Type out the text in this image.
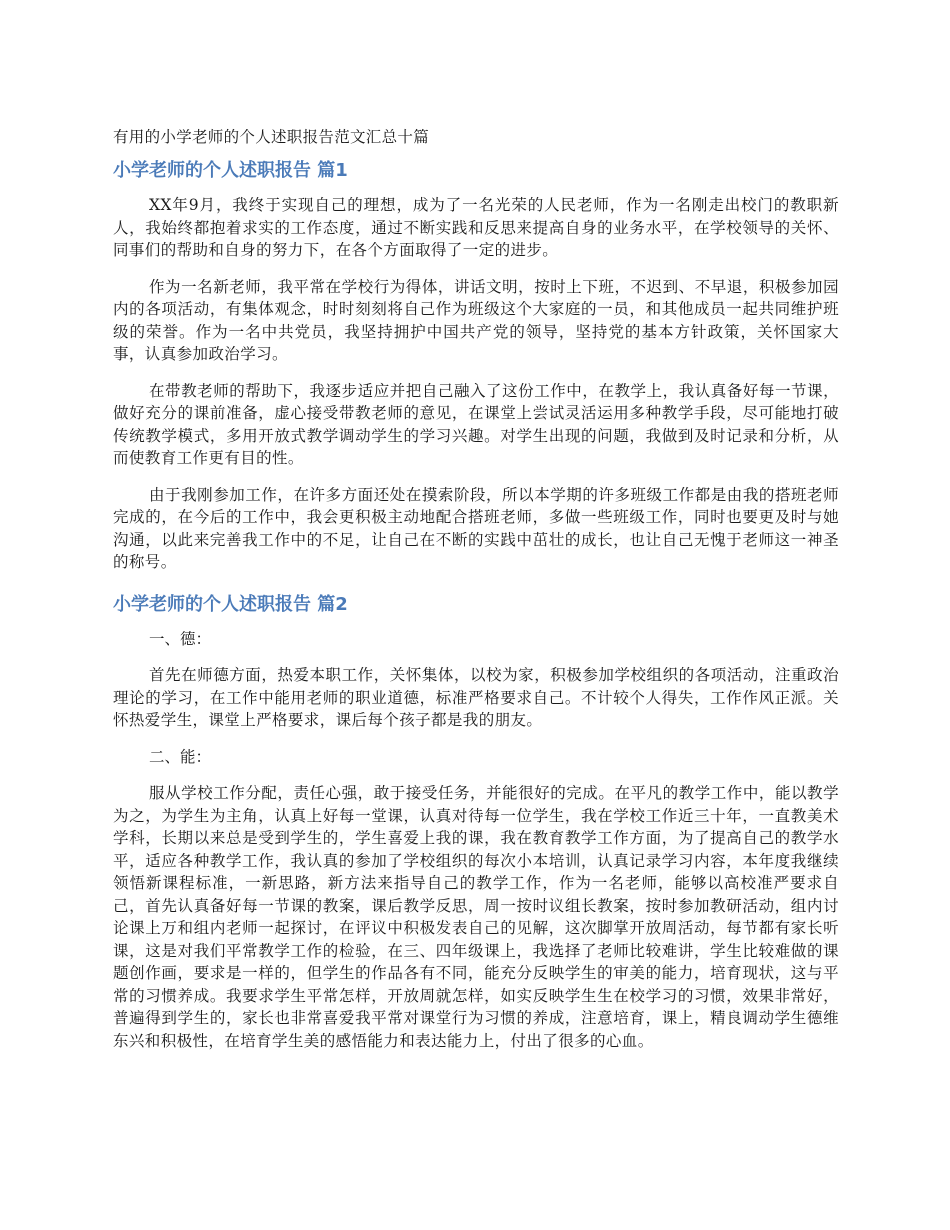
有用的小学老师的个人述职报告范文汇总十篇

小学老师的个人述职报告 篇1

XX年9月，我终于实现自己的理想，成为了一名光荣的人民老师，作为一名刚走出校门的教职新人，我始终都抱着求实的工作态度，通过不断实践和反思来提高自身的业务水平，在学校领导的关怀、同事们的帮助和自身的努力下，在各个方面取得了一定的进步。

作为一名新老师，我平常在学校行为得体，讲话文明，按时上下班，不迟到、不早退，积极参加园内的各项活动，有集体观念，时时刻刻将自己作为班级这个大家庭的一员，和其他成员一起共同维护班级的荣誉。作为一名中共党员，我坚持拥护中国共产党的领导，坚持党的基本方针政策，关怀国家大事，认真参加政治学习。

在带教老师的帮助下，我逐步适应并把自己融入了这份工作中，在教学上，我认真备好每一节课，做好充分的课前准备，虚心接受带教老师的意见，在课堂上尝试灵活运用多种教学手段，尽可能地打破传统教学模式，多用开放式教学调动学生的学习兴趣。对学生出现的问题，我做到及时记录和分析，从而使教育工作更有目的性。

由于我刚参加工作，在许多方面还处在摸索阶段，所以本学期的许多班级工作都是由我的搭班老师完成的，在今后的工作中，我会更积极主动地配合搭班老师，多做一些班级工作，同时也要更及时与她沟通，以此来完善我工作中的不足，让自己在不断的实践中茁壮的成长，也让自己无愧于老师这一神圣的称号。

小学老师的个人述职报告 篇2

一、德：

首先在师德方面，热爱本职工作，关怀集体，以校为家，积极参加学校组织的各项活动，注重政治理论的学习，在工作中能用老师的职业道德，标准严格要求自己。不计较个人得失，工作作风正派。关怀热爱学生，课堂上严格要求，课后每个孩子都是我的朋友。

二、能：

服从学校工作分配，责任心强，敢于接受任务，并能很好的完成。在平凡的教学工作中，能以教学为之，为学生为主角，认真上好每一堂课，认真对待每一位学生，我在学校工作近三十年，一直教美术学科，长期以来总是受到学生的，学生喜爱上我的课，我在教育教学工作方面，为了提高自己的教学水平，适应各种教学工作，我认真的参加了学校组织的每次小本培训，认真记录学习内容，本年度我继续领悟新课程标准，一新思路，新方法来指导自己的教学工作，作为一名老师，能够以高校准严要求自己，首先认真备好每一节课的教案，课后教学反思，周一按时议组长教案，按时参加教研活动，组内讨论课上万和组内老师一起探讨，在评议中积极发表自己的见解，这次脚掌开放周活动，每节都有家长听课，这是对我们平常教学工作的检验，在三、四年级课上，我选择了老师比较难讲，学生比较难做的课题创作画，要求是一样的，但学生的作品各有不同，能充分反映学生的审美的能力，培育现状，这与平常的习惯养成。我要求学生平常怎样，开放周就怎样，如实反映学生生在校学习的习惯，效果非常好，普遍得到学生的，家长也非常喜爱我平常对课堂行为习惯的养成，注意培育，课上，精良调动学生德维东兴和积极性，在培育学生美的感悟能力和表达能力上，付出了很多的心血。
